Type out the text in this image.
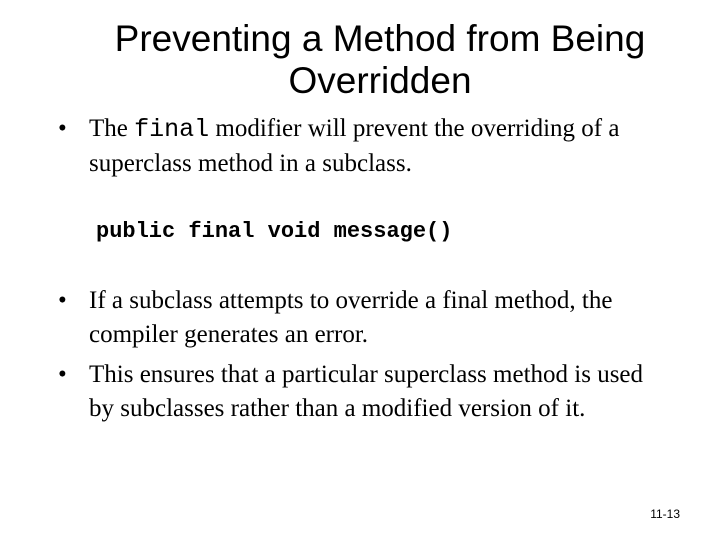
Preventing a Method from Being
Overridden
• The final modifier will prevent the overriding of a
superclass method in a subclass.
public final void message()
• If a subclass attempts to override a final method, the
compiler generates an error.
• This ensures that a particular superclass method is used
by subclasses rather than a modified version of it.
11-13
